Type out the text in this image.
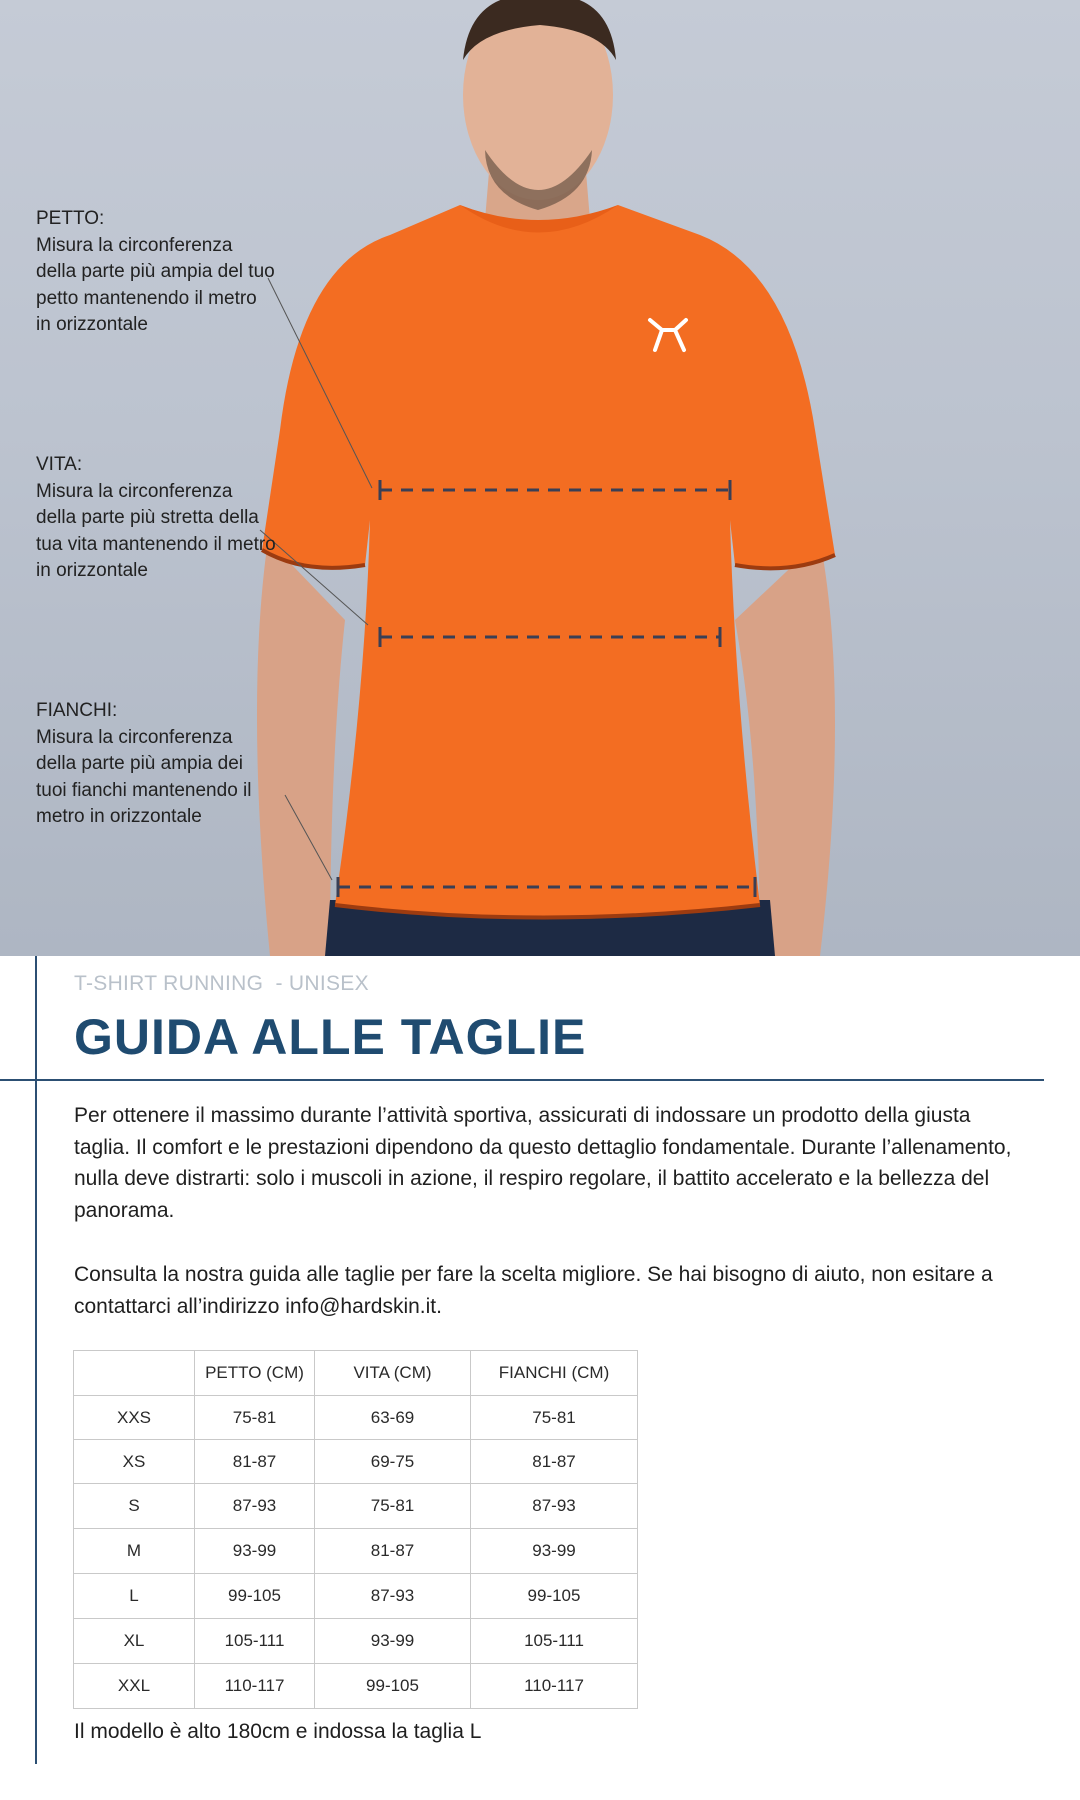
PETTO:
Misura la circonferenza della parte più ampia del tuo petto mantenendo il metro in orizzontale
VITA:
Misura la circonferenza della parte più stretta della tua vita mantenendo il metro in orizzontale
FIANCHI:
Misura la circonferenza della parte più ampia dei tuoi fianchi mantenendo il metro in orizzontale
T-SHIRT RUNNING  - UNISEX
GUIDA ALLE TAGLIE

Per ottenere il massimo durante l’attività sportiva, assicurati di indossare un prodotto della giusta taglia. Il comfort e le prestazioni dipendono da questo dettaglio fondamentale. Durante l’allenamento, nulla deve distrarti: solo i muscoli in azione, il respiro regolare, il battito accelerato e la bellezza del panorama.

Consulta la nostra guida alle taglie per fare la scelta migliore. Se hai bisogno di aiuto, non esitare a contattarci all’indirizzo info@hardskin.it.

	PETTO (CM)	VITA (CM)	FIANCHI (CM)
XXS	75-81	63-69	75-81
XS	81-87	69-75	81-87
S	87-93	75-81	87-93
M	93-99	81-87	93-99
L	99-105	87-93	99-105
XL	105-111	93-99	105-111
XXL	110-117	99-105	110-117

Il modello è alto 180cm e indossa la taglia L
